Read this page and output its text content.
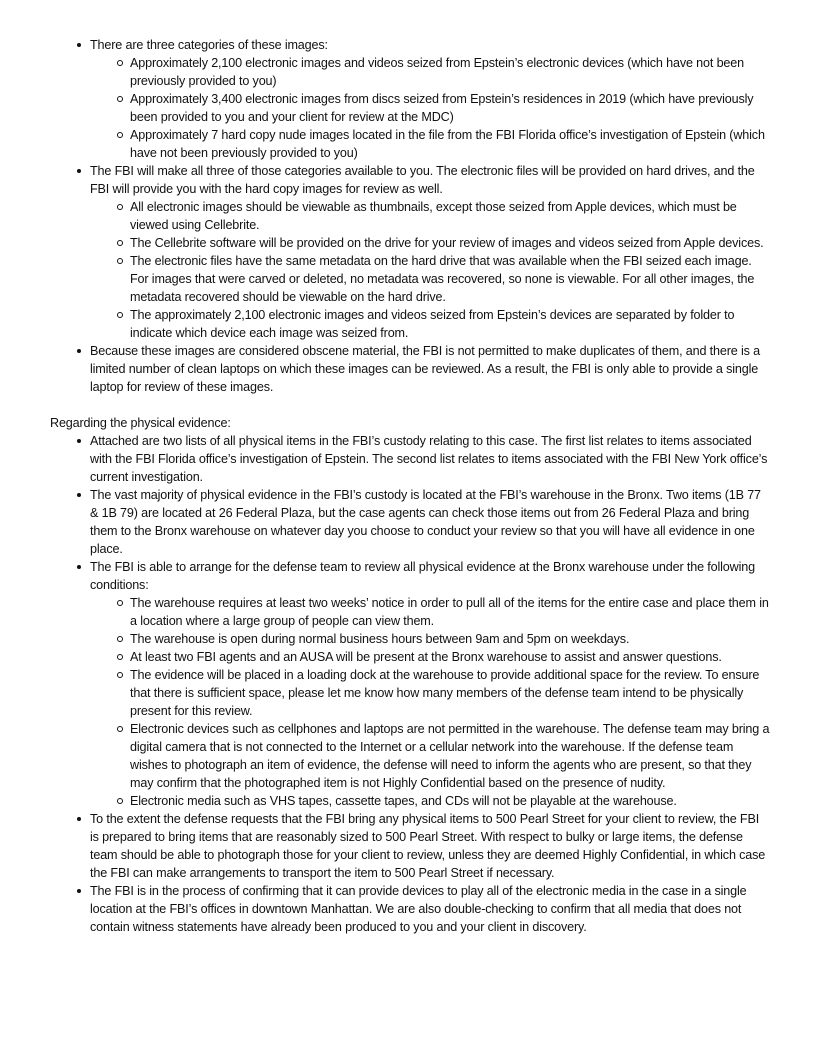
There are three categories of these images:
Approximately 2,100 electronic images and videos seized from Epstein’s electronic devices (which have not been previously provided to you)
Approximately 3,400 electronic images from discs seized from Epstein’s residences in 2019 (which have previously been provided to you and your client for review at the MDC)
Approximately 7 hard copy nude images located in the file from the FBI Florida office’s investigation of Epstein (which have not been previously provided to you)
The FBI will make all three of those categories available to you. The electronic files will be provided on hard drives, and the FBI will provide you with the hard copy images for review as well.
All electronic images should be viewable as thumbnails, except those seized from Apple devices, which must be viewed using Cellebrite.
The Cellebrite software will be provided on the drive for your review of images and videos seized from Apple devices.
The electronic files have the same metadata on the hard drive that was available when the FBI seized each image. For images that were carved or deleted, no metadata was recovered, so none is viewable. For all other images, the metadata recovered should be viewable on the hard drive.
The approximately 2,100 electronic images and videos seized from Epstein’s devices are separated by folder to indicate which device each image was seized from.
Because these images are considered obscene material, the FBI is not permitted to make duplicates of them, and there is a limited number of clean laptops on which these images can be reviewed. As a result, the FBI is only able to provide a single laptop for review of these images.
Regarding the physical evidence:
Attached are two lists of all physical items in the FBI’s custody relating to this case. The first list relates to items associated with the FBI Florida office’s investigation of Epstein. The second list relates to items associated with the FBI New York office’s current investigation.
The vast majority of physical evidence in the FBI’s custody is located at the FBI’s warehouse in the Bronx. Two items (1B 77 & 1B 79) are located at 26 Federal Plaza, but the case agents can check those items out from 26 Federal Plaza and bring them to the Bronx warehouse on whatever day you choose to conduct your review so that you will have all evidence in one place.
The FBI is able to arrange for the defense team to review all physical evidence at the Bronx warehouse under the following conditions:
The warehouse requires at least two weeks’ notice in order to pull all of the items for the entire case and place them in a location where a large group of people can view them.
The warehouse is open during normal business hours between 9am and 5pm on weekdays.
At least two FBI agents and an AUSA will be present at the Bronx warehouse to assist and answer questions.
The evidence will be placed in a loading dock at the warehouse to provide additional space for the review. To ensure that there is sufficient space, please let me know how many members of the defense team intend to be physically present for this review.
Electronic devices such as cellphones and laptops are not permitted in the warehouse. The defense team may bring a digital camera that is not connected to the Internet or a cellular network into the warehouse. If the defense team wishes to photograph an item of evidence, the defense will need to inform the agents who are present, so that they may confirm that the photographed item is not Highly Confidential based on the presence of nudity.
Electronic media such as VHS tapes, cassette tapes, and CDs will not be playable at the warehouse.
To the extent the defense requests that the FBI bring any physical items to 500 Pearl Street for your client to review, the FBI is prepared to bring items that are reasonably sized to 500 Pearl Street. With respect to bulky or large items, the defense team should be able to photograph those for your client to review, unless they are deemed Highly Confidential, in which case the FBI can make arrangements to transport the item to 500 Pearl Street if necessary.
The FBI is in the process of confirming that it can provide devices to play all of the electronic media in the case in a single location at the FBI’s offices in downtown Manhattan. We are also double-checking to confirm that all media that does not contain witness statements have already been produced to you and your client in discovery.
